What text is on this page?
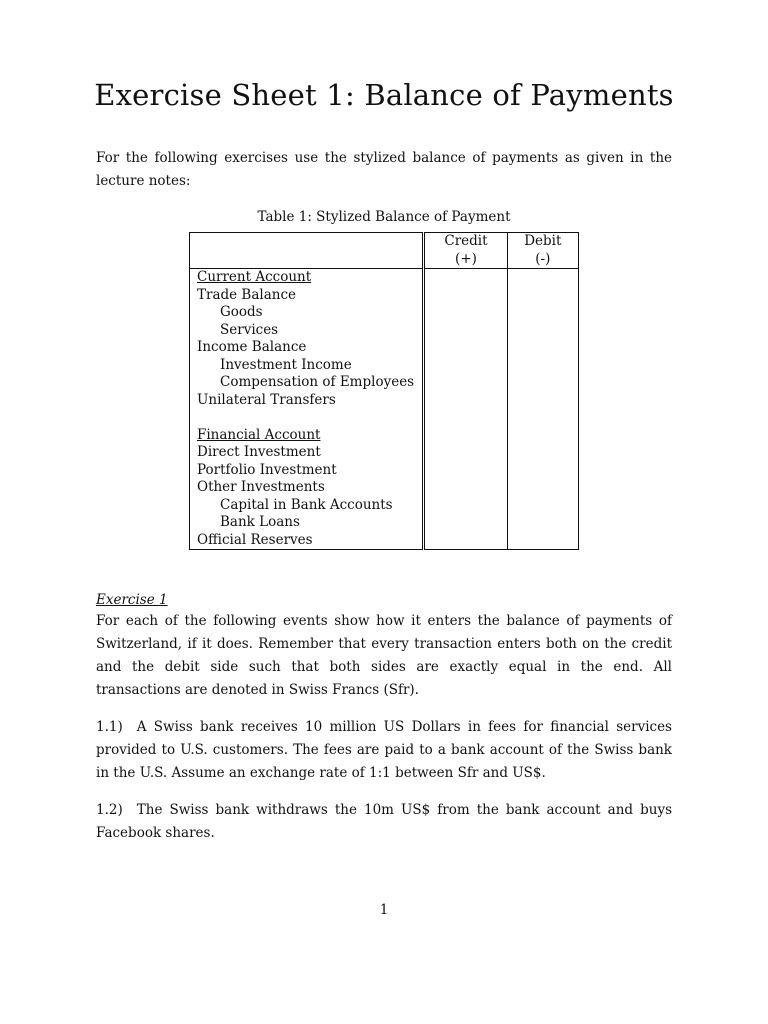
Exercise Sheet 1: Balance of Payments

For the following exercises use the stylized balance of payments as given in the lecture notes:

Table 1: Stylized Balance of Payment

	Credit (+)	Debit (-)
Current Account		
Trade Balance		
Goods		
Services		
Income Balance		
Investment Income		
Compensation of Employees		
Unilateral Transfers		

Financial Account		
Direct Investment		
Portfolio Investment		
Other Investments		
Capital in Bank Accounts		
Bank Loans		
Official Reserves		

Exercise 1

For each of the following events show how it enters the balance of payments of Switzerland, if it does. Remember that every transaction enters both on the credit and the debit side such that both sides are exactly equal in the end. All transactions are denoted in Swiss Francs (Sfr).

1.1) A Swiss bank receives 10 million US Dollars in fees for financial services provided to U.S. customers. The fees are paid to a bank account of the Swiss bank in the U.S. Assume an exchange rate of 1:1 between Sfr and US$.

1.2) The Swiss bank withdraws the 10m US$ from the bank account and buys Facebook shares.

1
